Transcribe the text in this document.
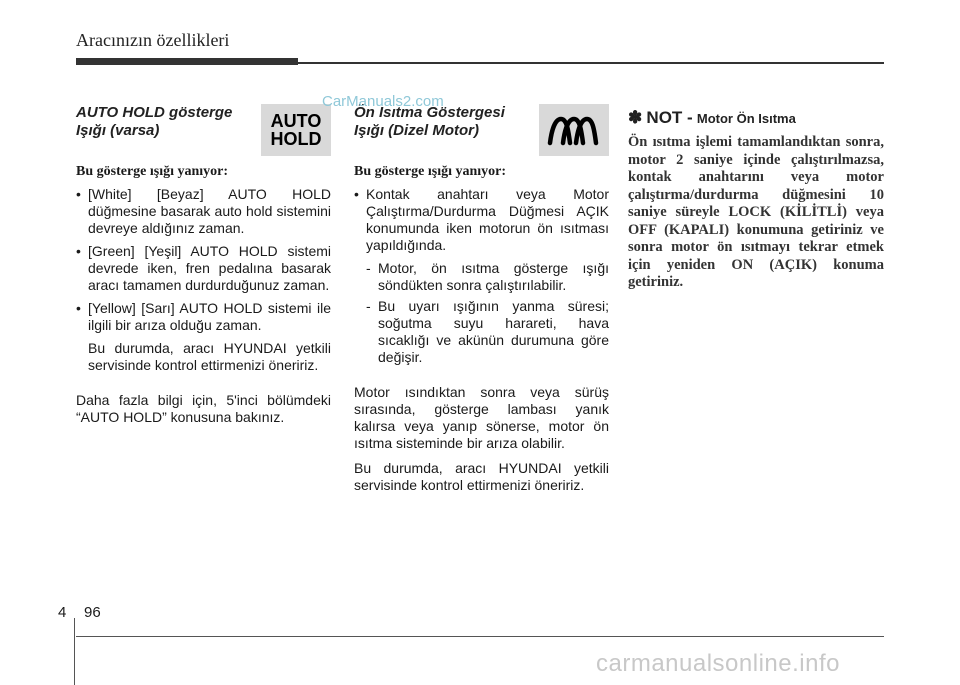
Aracınızın özellikleri
AUTO HOLD gösterge
Işığı (varsa)	AUTO
HOLD

Bu gösterge ışığı yanıyor:

• [White] [Beyaz] AUTO HOLD düğmesine basarak auto hold sistemini devreye aldığınız zaman.
• [Green] [Yeşil] AUTO HOLD sistemi devrede iken, fren pedalına basarak aracı tamamen durdurduğunuz zaman.
• [Yellow] [Sarı] AUTO HOLD sistemi ile ilgili bir arıza olduğu zaman.

Bu durumda, aracı HYUNDAI yetkili servisinde kontrol ettirmenizi öneririz.

Daha fazla bilgi için, 5'inci bölümdeki “AUTO HOLD” konusuna bakınız.

Ön Isıtma Göstergesi
Işığı (Dizel Motor)

Bu gösterge ışığı yanıyor:

• Kontak anahtarı veya Motor Çalıştırma/Durdurma Düğmesi AÇIK konumunda iken motorun ön ısıtması yapıldığında.
- Motor, ön ısıtma gösterge ışığı söndükten sonra çalıştırılabilir.
- Bu uyarı ışığının yanma süresi; soğutma suyu harareti, hava sıcaklığı ve akünün durumuna göre değişir.

Motor ısındıktan sonra veya sürüş sırasında, gösterge lambası yanık kalırsa veya yanıp sönerse, motor ön ısıtma sisteminde bir arıza olabilir.

Bu durumda, aracı HYUNDAI yetkili servisinde kontrol ettirmenizi öneririz.

✽ NOT - Motor Ön Isıtma
Ön ısıtma işlemi tamamlandıktan sonra, motor 2 saniye içinde çalıştırılmazsa, kontak anahtarını veya motor çalıştırma/durdurma düğmesini 10 saniye süreyle LOCK (KİLİTLİ) veya OFF (KAPALI) konumuna getiriniz ve sonra motor ön ısıtmayı tekrar etmek için yeniden ON (AÇIK) konuma getiriniz.
CarManuals2.com
4 96
carmanualsonline.info
